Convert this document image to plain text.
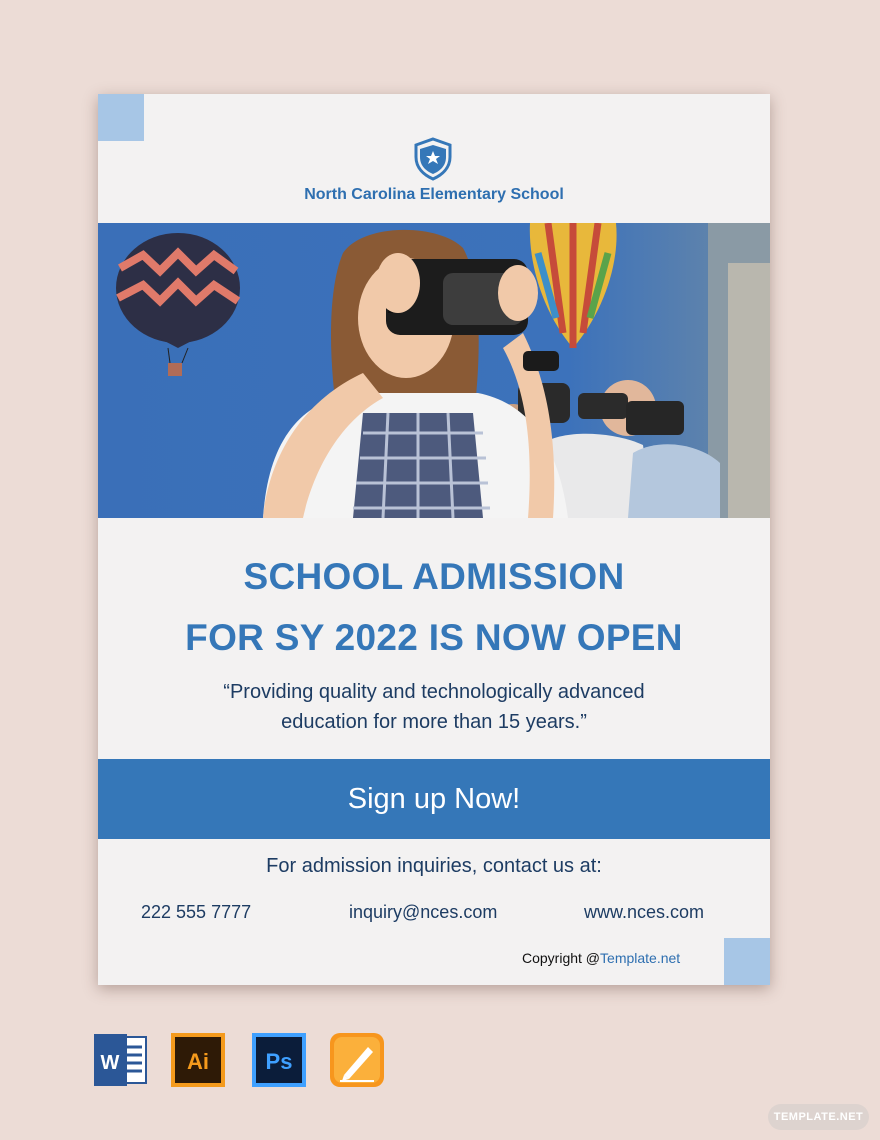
North Carolina Elementary School
SCHOOL ADMISSION
FOR SY 2022 IS NOW OPEN
“Providing quality and technologically advanced
education for more than 15 years.”
Sign up Now!
For admission inquiries, contact us at:
222 555 7777	inquiry@nces.com	www.nces.com
Copyright @Template.net
W	Ai	Ps
TEMPLATE.NET
